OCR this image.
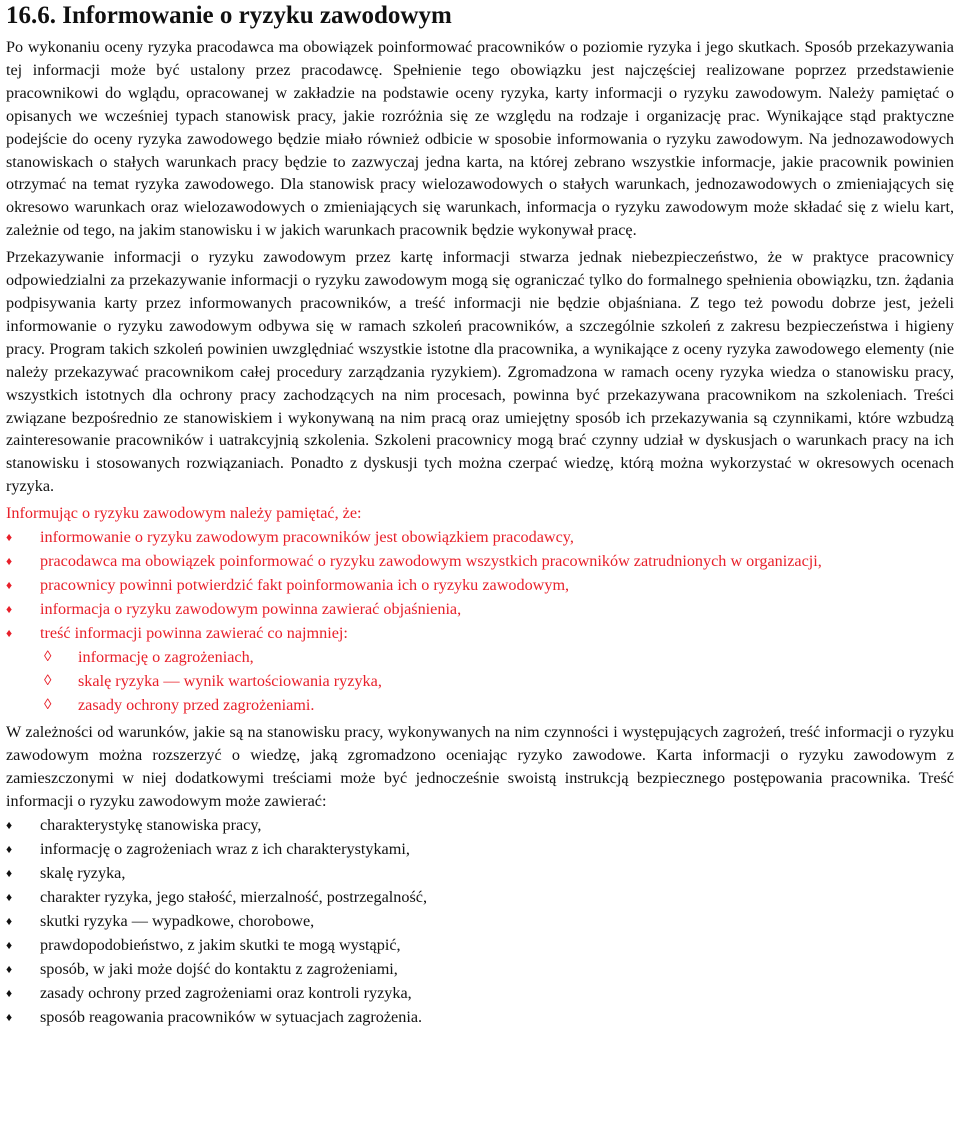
16.6. Informowanie o ryzyku zawodowym

Po wykonaniu oceny ryzyka pracodawca ma obowiązek poinformować pracowników o poziomie ryzyka i jego skutkach. Sposób przekazywania tej informacji może być ustalony przez pracodawcę. Spełnienie tego obowiązku jest najczęściej realizowane poprzez przedstawienie pracownikowi do wglądu, opracowanej w zakładzie na podstawie oceny ryzyka, karty informacji o ryzyku zawodowym. Należy pamiętać o opisanych we wcześniej typach stanowisk pracy, jakie rozróżnia się ze względu na rodzaje i organizację prac. Wynikające stąd praktyczne podejście do oceny ryzyka zawodowego będzie miało również odbicie w sposobie informowania o ryzyku zawodowym. Na jednozawodowych stanowiskach o stałych warunkach pracy będzie to zazwyczaj jedna karta, na której zebrano wszystkie informacje, jakie pracownik powinien otrzymać na temat ryzyka zawodowego. Dla stanowisk pracy wielozawodowych o stałych warunkach, jednozawodowych o zmieniających się okresowo warunkach oraz wielozawodowych o zmieniających się warunkach, informacja o ryzyku zawodowym może składać się z wielu kart, zależnie od tego, na jakim stanowisku i w jakich warunkach pracownik będzie wykonywał pracę.

Przekazywanie informacji o ryzyku zawodowym przez kartę informacji stwarza jednak niebezpieczeństwo, że w praktyce pracownicy odpowiedzialni za przekazywanie informacji o ryzyku zawodowym mogą się ograniczać tylko do formalnego spełnienia obowiązku, tzn. żądania podpisywania karty przez informowanych pracowników, a treść informacji nie będzie objaśniana. Z tego też powodu dobrze jest, jeżeli informowanie o ryzyku zawodowym odbywa się w ramach szkoleń pracowników, a szczególnie szkoleń z zakresu bezpieczeństwa i higieny pracy. Program takich szkoleń powinien uwzględniać wszystkie istotne dla pracownika, a wynikające z oceny ryzyka zawodowego elementy (nie należy przekazywać pracownikom całej procedury zarządzania ryzykiem). Zgromadzona w ramach oceny ryzyka wiedza o stanowisku pracy, wszystkich istotnych dla ochrony pracy zachodzących na nim procesach, powinna być przekazywana pracownikom na szkoleniach. Treści związane bezpośrednio ze stanowiskiem i wykonywaną na nim pracą oraz umiejętny sposób ich przekazywania są czynnikami, które wzbudzą zainteresowanie pracowników i uatrakcyjnią szkolenia. Szkoleni pracownicy mogą brać czynny udział w dyskusjach o warunkach pracy na ich stanowisku i stosowanych rozwiązaniach. Ponadto z dyskusji tych można czerpać wiedzę, którą można wykorzystać w okresowych ocenach ryzyka.

Informując o ryzyku zawodowym należy pamiętać, że:

♦	informowanie o ryzyku zawodowym pracowników jest obowiązkiem pracodawcy,
♦	pracodawca ma obowiązek poinformować o ryzyku zawodowym wszystkich pracowników zatrudnionych w organizacji,
♦	pracownicy powinni potwierdzić fakt poinformowania ich o ryzyku zawodowym,
♦	informacja o ryzyku zawodowym powinna zawierać objaśnienia,
♦	treść informacji powinna zawierać co najmniej:
◊	informację o zagrożeniach,
◊	skalę ryzyka — wynik wartościowania ryzyka,
◊	zasady ochrony przed zagrożeniami.

W zależności od warunków, jakie są na stanowisku pracy, wykonywanych na nim czynności i występujących zagrożeń, treść informacji o ryzyku zawodowym można rozszerzyć o wiedzę, jaką zgromadzono oceniając ryzyko zawodowe. Karta informacji o ryzyku zawodowym z zamieszczonymi w niej dodatkowymi treściami może być jednocześnie swoistą instrukcją bezpiecznego postępowania pracownika. Treść informacji o ryzyku zawodowym może zawierać:

♦	charakterystykę stanowiska pracy,
♦	informację o zagrożeniach wraz z ich charakterystykami,
♦	skalę ryzyka,
♦	charakter ryzyka, jego stałość, mierzalność, postrzegalność,
♦	skutki ryzyka — wypadkowe, chorobowe,
♦	prawdopodobieństwo, z jakim skutki te mogą wystąpić,
♦	sposób, w jaki może dojść do kontaktu z zagrożeniami,
♦	zasady ochrony przed zagrożeniami oraz kontroli ryzyka,
♦	sposób reagowania pracowników w sytuacjach zagrożenia.
